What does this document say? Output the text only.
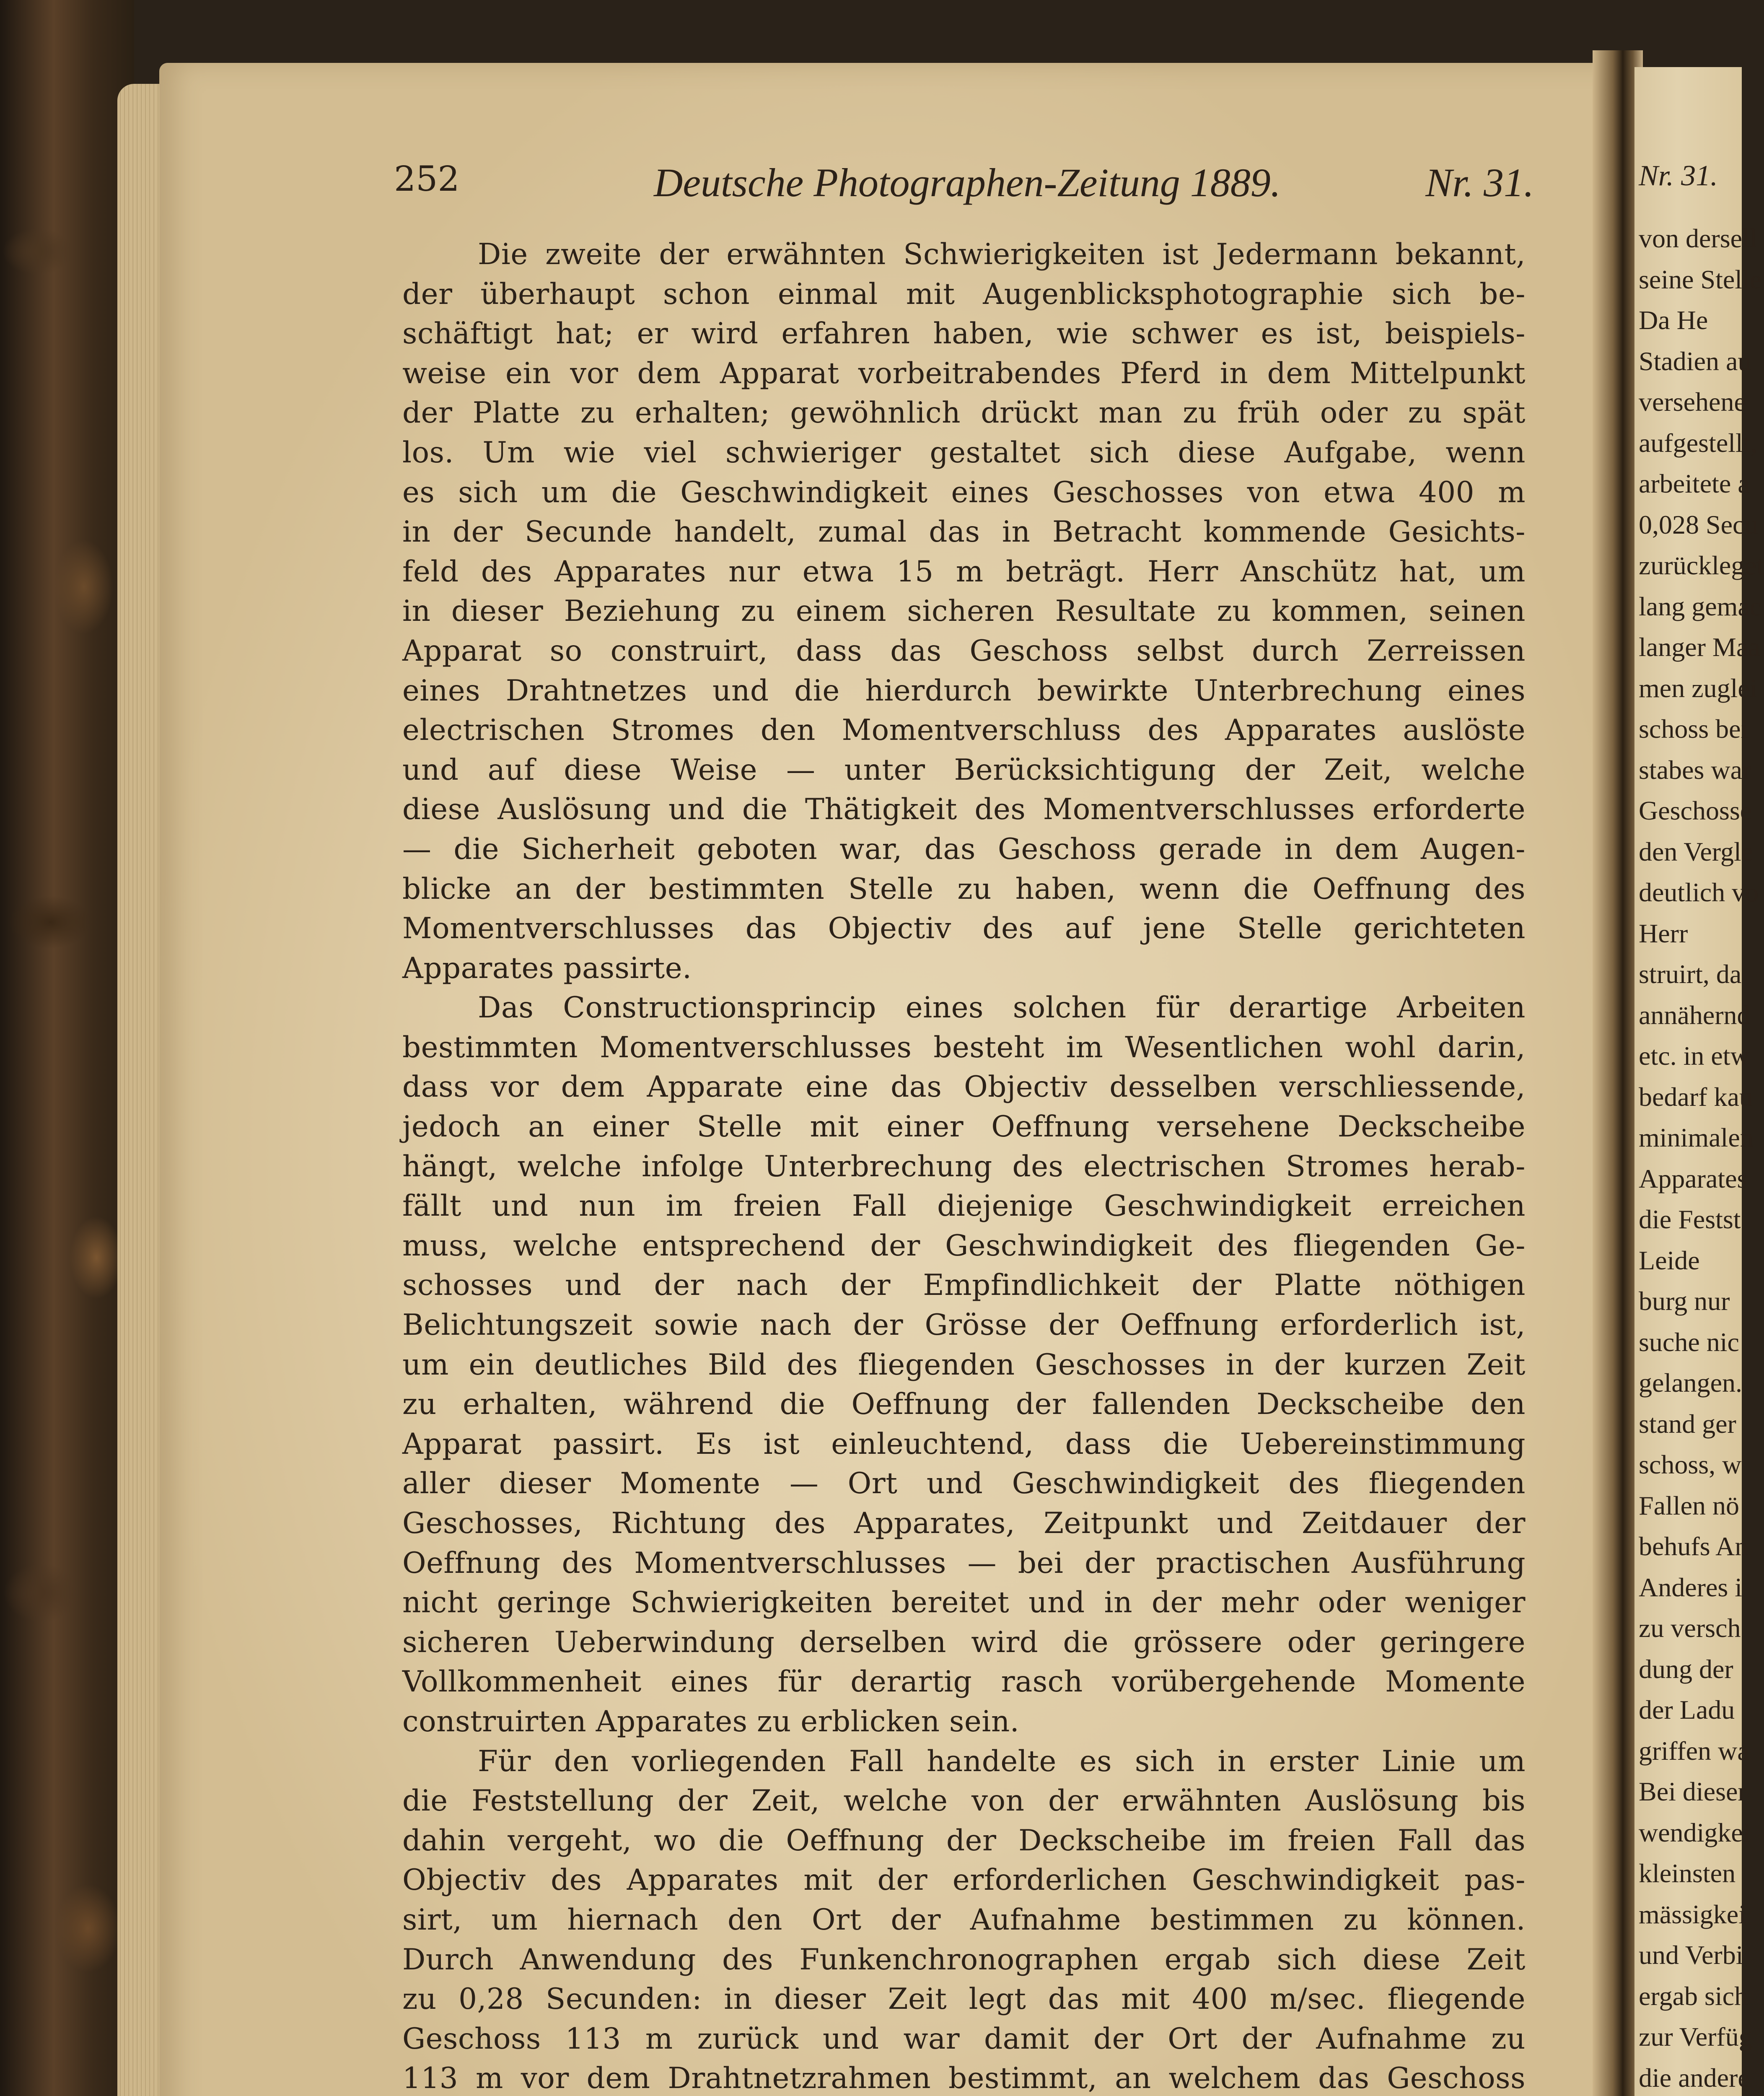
Nr. 31.
von dersell
seine Stelle
Da He
Stadien au
versehene
aufgestellt,
arbeitete a
0,028 Secu
zurückleget
lang gemac
langer Maa
men zuglei
schoss bei
stabes war
Geschosse
den Vergle
deutlich vo
Herr
struirt, da
annähernd
etc. in etw
bedarf kau
minimalen
Apparates
die Festst
Leide
burg nur
suche nic
gelangen.
stand ger
schoss, w
Fallen nö
behufs An
Anderes i
zu versch
dung der
der Ladu
griffen wa
Bei dieser
wendigkei
kleinsten
mässigkei
und Verbi
ergab sich
zur Verfüg
die andere
252	Deutsche Photographen-Zeitung 1889.	Nr. 31.
Die zweite der erwähnten Schwierigkeiten ist Jedermann bekannt,
der überhaupt schon einmal mit Augenblicksphotographie sich be-
schäftigt hat; er wird erfahren haben, wie schwer es ist, beispiels-
weise ein vor dem Apparat vorbeitrabendes Pferd in dem Mittelpunkt
der Platte zu erhalten; gewöhnlich drückt man zu früh oder zu spät
los. Um wie viel schwieriger gestaltet sich diese Aufgabe, wenn
es sich um die Geschwindigkeit eines Geschosses von etwa 400 m
in der Secunde handelt, zumal das in Betracht kommende Gesichts-
feld des Apparates nur etwa 15 m beträgt. Herr Anschütz hat, um
in dieser Beziehung zu einem sicheren Resultate zu kommen, seinen
Apparat so construirt, dass das Geschoss selbst durch Zerreissen
eines Drahtnetzes und die hierdurch bewirkte Unterbrechung eines
electrischen Stromes den Momentverschluss des Apparates auslöste
und auf diese Weise — unter Berücksichtigung der Zeit, welche
diese Auslösung und die Thätigkeit des Momentverschlusses erforderte
— die Sicherheit geboten war, das Geschoss gerade in dem Augen-
blicke an der bestimmten Stelle zu haben, wenn die Oeffnung des
Momentverschlusses das Objectiv des auf jene Stelle gerichteten
Apparates passirte.
Das Constructionsprincip eines solchen für derartige Arbeiten
bestimmten Momentverschlusses besteht im Wesentlichen wohl darin,
dass vor dem Apparate eine das Objectiv desselben verschliessende,
jedoch an einer Stelle mit einer Oeffnung versehene Deckscheibe
hängt, welche infolge Unterbrechung des electrischen Stromes herab-
fällt und nun im freien Fall diejenige Geschwindigkeit erreichen
muss, welche entsprechend der Geschwindigkeit des fliegenden Ge-
schosses und der nach der Empfindlichkeit der Platte nöthigen
Belichtungszeit sowie nach der Grösse der Oeffnung erforderlich ist,
um ein deutliches Bild des fliegenden Geschosses in der kurzen Zeit
zu erhalten, während die Oeffnung der fallenden Deckscheibe den
Apparat passirt. Es ist einleuchtend, dass die Uebereinstimmung
aller dieser Momente — Ort und Geschwindigkeit des fliegenden
Geschosses, Richtung des Apparates, Zeitpunkt und Zeitdauer der
Oeffnung des Momentverschlusses — bei der practischen Ausführung
nicht geringe Schwierigkeiten bereitet und in der mehr oder weniger
sicheren Ueberwindung derselben wird die grössere oder geringere
Vollkommenheit eines für derartig rasch vorübergehende Momente
construirten Apparates zu erblicken sein.
Für den vorliegenden Fall handelte es sich in erster Linie um
die Feststellung der Zeit, welche von der erwähnten Auslösung bis
dahin vergeht, wo die Oeffnung der Deckscheibe im freien Fall das
Objectiv des Apparates mit der erforderlichen Geschwindigkeit pas-
sirt, um hiernach den Ort der Aufnahme bestimmen zu können.
Durch Anwendung des Funkenchronographen ergab sich diese Zeit
zu 0,28 Secunden: in dieser Zeit legt das mit 400 m/sec. fliegende
Geschoss 113 m zurück und war damit der Ort der Aufnahme zu
113 m vor dem Drahtnetzrahmen bestimmt, an welchem das Geschoss
